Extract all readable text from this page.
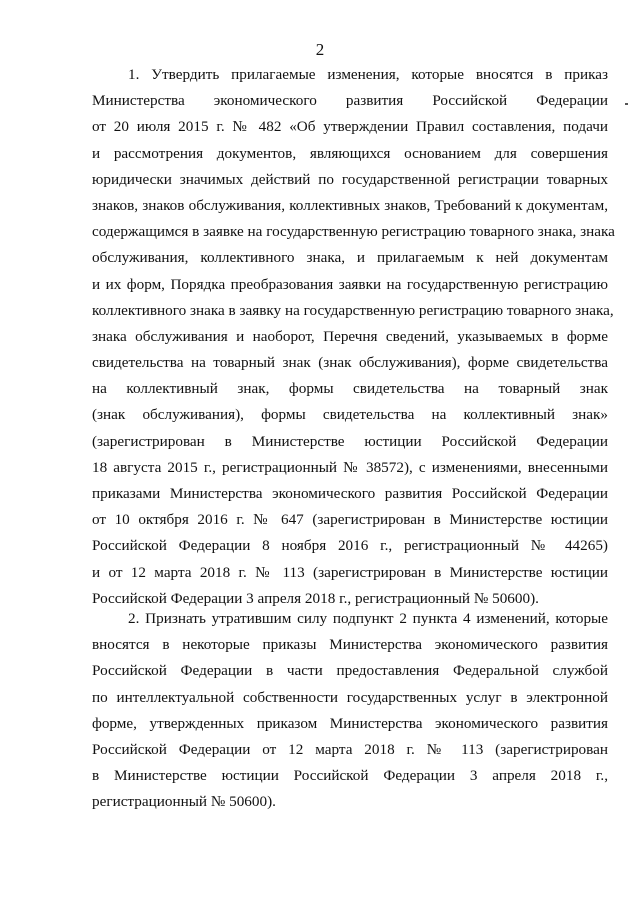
2
1. Утвердить прилагаемые изменения, которые вносятся в приказ
Министерства экономического развития Российской Федерации
от 20 июля 2015 г. № 482 «Об утверждении Правил составления, подачи
и рассмотрения документов, являющихся основанием для совершения
юридически значимых действий по государственной регистрации товарных
знаков, знаков обслуживания, коллективных знаков, Требований к документам,
содержащимся в заявке на государственную регистрацию товарного знака, знака
обслуживания, коллективного знака, и прилагаемым к ней документам
и их форм, Порядка преобразования заявки на государственную регистрацию
коллективного знака в заявку на государственную регистрацию товарного знака,
знака обслуживания и наоборот, Перечня сведений, указываемых в форме
свидетельства на товарный знак (знак обслуживания), форме свидетельства
на коллективный знак, формы свидетельства на товарный знак
(знак обслуживания), формы свидетельства на коллективный знак»
(зарегистрирован в Министерстве юстиции Российской Федерации
18 августа 2015 г., регистрационный № 38572), с изменениями, внесенными
приказами Министерства экономического развития Российской Федерации
от 10 октября 2016 г. № 647 (зарегистрирован в Министерстве юстиции
Российской Федерации 8 ноября 2016 г., регистрационный № 44265)
и от 12 марта 2018 г. № 113 (зарегистрирован в Министерстве юстиции
Российской Федерации 3 апреля 2018 г., регистрационный № 50600).
2. Признать утратившим силу подпункт 2 пункта 4 изменений, которые
вносятся в некоторые приказы Министерства экономического развития
Российской Федерации в части предоставления Федеральной службой
по интеллектуальной собственности государственных услуг в электронной
форме, утвержденных приказом Министерства экономического развития
Российской Федерации от 12 марта 2018 г. № 113 (зарегистрирован
в Министерстве юстиции Российской Федерации 3 апреля 2018 г.,
регистрационный № 50600).
